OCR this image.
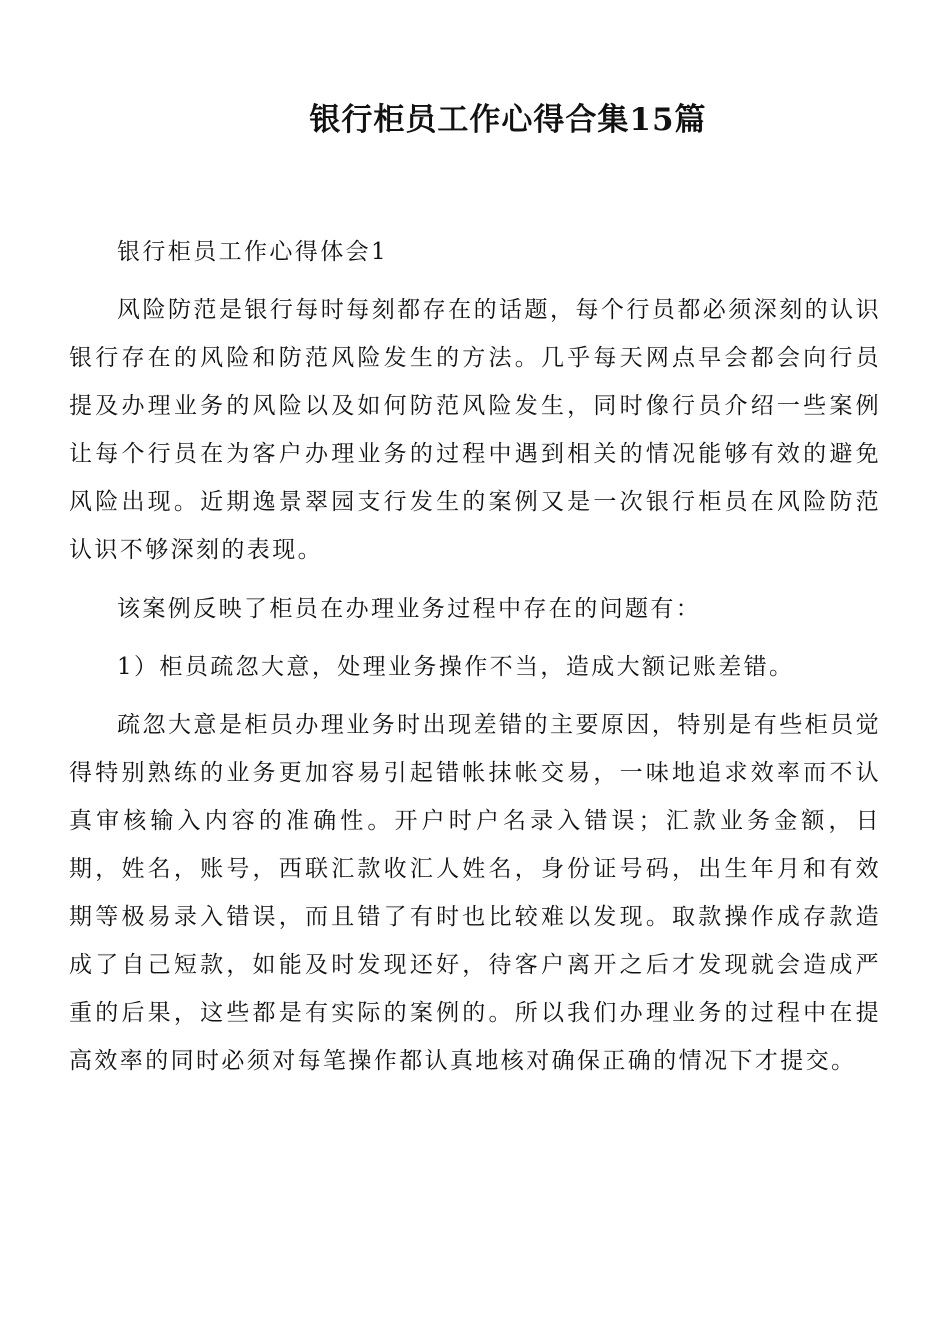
银行柜员工作心得合集15篇

银行柜员工作心得体会1

风险防范是银行每时每刻都存在的话题，每个行员都必须深刻的认识银行存在的风险和防范风险发生的方法。几乎每天网点早会都会向行员提及办理业务的风险以及如何防范风险发生，同时像行员介绍一些案例让每个行员在为客户办理业务的过程中遇到相关的情况能够有效的避免风险出现。近期逸景翠园支行发生的案例又是一次银行柜员在风险防范认识不够深刻的表现。

该案例反映了柜员在办理业务过程中存在的问题有：

1）柜员疏忽大意，处理业务操作不当，造成大额记账差错。

疏忽大意是柜员办理业务时出现差错的主要原因，特别是有些柜员觉得特别熟练的业务更加容易引起错帐抹帐交易，一味地追求效率而不认真审核输入内容的准确性。开户时户名录入错误；汇款业务金额，日期，姓名，账号，西联汇款收汇人姓名，身份证号码，出生年月和有效期等极易录入错误，而且错了有时也比较难以发现。取款操作成存款造成了自己短款，如能及时发现还好，待客户离开之后才发现就会造成严重的后果，这些都是有实际的案例的。所以我们办理业务的过程中在提高效率的同时必须对每笔操作都认真地核对确保正确的情况下才提交。
